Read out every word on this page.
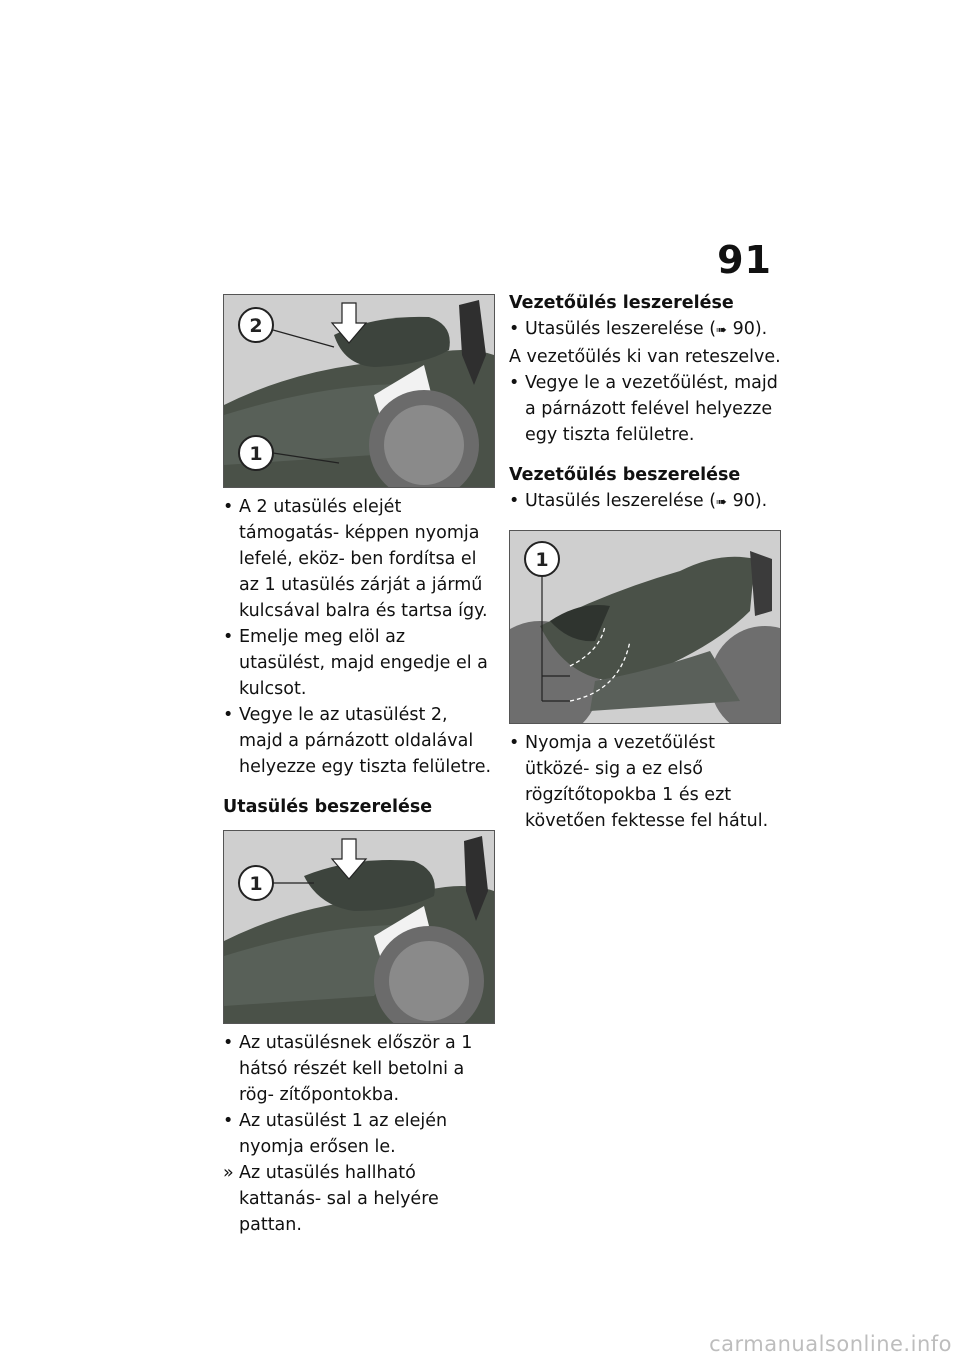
91
2
1
• A 2 utasülés elejét támogatás- képpen nyomja lefelé, eköz- ben fordítsa el az 1 utasülés zárját a jármű kulcsával balra és tartsa így.
• Emelje meg elöl az utasülést, majd engedje el a kulcsot.
• Vegye le az utasülést 2, majd a párnázott oldalával helyezze egy tiszta felületre.
Utasülés beszerelése
1
• Az utasülésnek először a 1 hátsó részét kell betolni a rög- zítőpontokba.
• Az utasülést 1 az elején nyomja erősen le.
» Az utasülés hallható kattanás- sal a helyére pattan.
Vezetőülés leszerelése
• Utasülés leszerelése (➠ 90).

A vezetőülés ki van reteszelve.

• Vegye le a vezetőülést, majd a párnázott felével helyezze egy tiszta felületre.
Vezetőülés beszerelése
• Utasülés leszerelése (➠ 90).
1
• Nyomja a vezetőülést ütközé- sig a ez első rögzítőtopokba 1 és ezt követően fektesse fel hátul.
carmanualsonline.info
